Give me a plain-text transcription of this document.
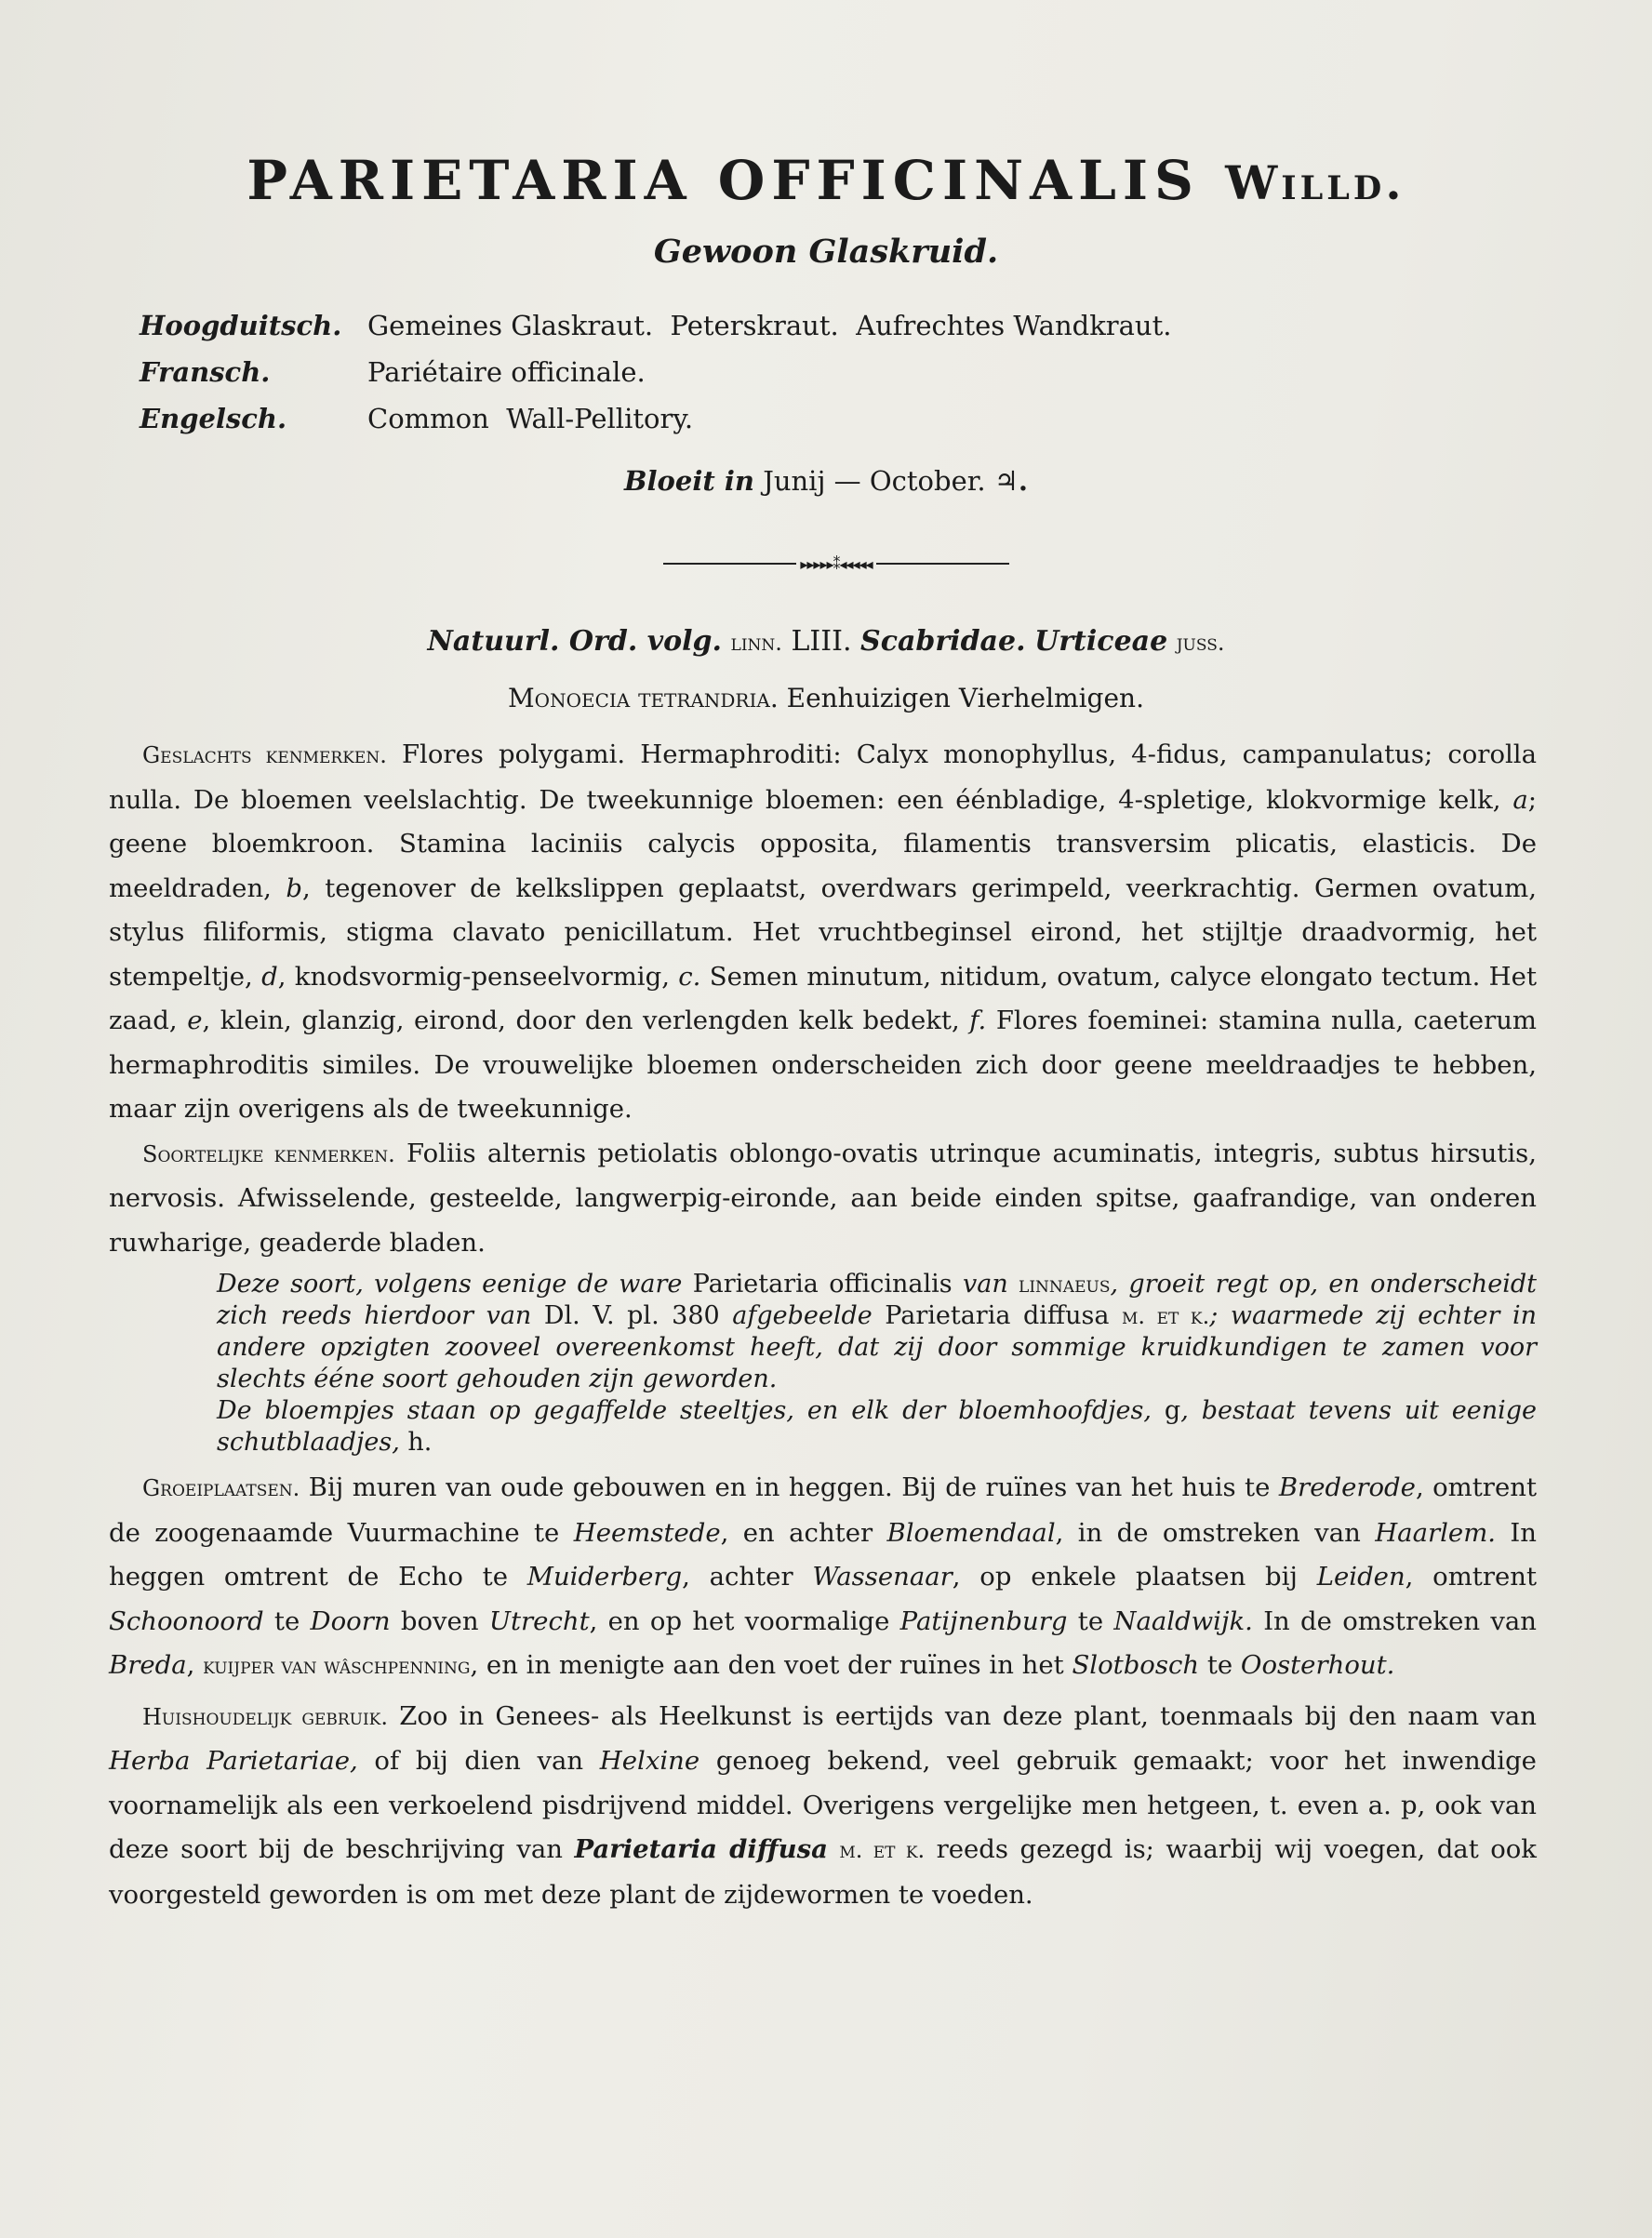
PARIETARIA OFFICINALIS Willd.
Gewoon Glaskruid.
Hoogduitsch. Gemeines Glaskraut.  Peterskraut.  Aufrechtes Wandkraut.
Fransch.	Pariétaire officinale.
Engelsch.	Common  Wall-Pellitory.
Bloeit in Junij — October. ♃.
▸▸▸▸▸⁑◂◂◂◂◂
Natuurl. Ord. volg. linn. LIII. Scabridae. Urticeae juss.
Monoecia tetrandria. Eenhuizigen Vierhelmigen.

Geslachts kenmerken. Flores polygami. Hermaphroditi: Calyx monophyllus, 4-fidus, campanulatus; corolla nulla. De bloemen veelslachtig. De tweekunnige bloemen: een éénbladige, 4-spletige, klokvormige kelk, a; geene bloemkroon. Stamina laciniis calycis opposita, filamentis transversim plicatis, elasticis. De meeldraden, b, tegenover de kelkslippen geplaatst, overdwars gerimpeld, veerkrachtig. Germen ovatum, stylus filiformis, stigma clavato penicillatum. Het vruchtbeginsel eirond, het stijltje draadvormig, het stempeltje, d, knodsvormig-penseelvormig, c. Semen minutum, nitidum, ovatum, calyce elongato tectum. Het zaad, e, klein, glanzig, eirond, door den verlengden kelk bedekt, f. Flores foeminei: stamina nulla, caeterum hermaphroditis similes. De vrouwelijke bloemen onderscheiden zich door geene meeldraadjes te hebben, maar zijn overigens als de tweekunnige.

Soortelijke kenmerken. Foliis alternis petiolatis oblongo-ovatis utrinque acuminatis, integris, subtus hirsutis, nervosis. Afwisselende, gesteelde, langwerpig-eironde, aan beide einden spitse, gaafrandige, van onderen ruwharige, geaderde bladen.

Deze soort, volgens eenige de ware Parietaria officinalis van linnaeus, groeit regt op, en onderscheidt zich reeds hierdoor van Dl. V. pl. 380 afgebeelde Parietaria diffusa m. et k.; waarmede zij echter in andere opzigten zooveel overeenkomst heeft, dat zij door sommige kruidkundigen te zamen voor slechts ééne soort gehouden zijn geworden.
De bloempjes staan op gegaffelde steeltjes, en elk der bloemhoofdjes, g, bestaat tevens uit eenige schutblaadjes, h.

Groeiplaatsen. Bij muren van oude gebouwen en in heggen. Bij de ruïnes van het huis te Brederode, omtrent de zoogenaamde Vuurmachine te Heemstede, en achter Bloemendaal, in de omstreken van Haarlem. In heggen omtrent de Echo te Muiderberg, achter Wassenaar, op enkele plaatsen bij Leiden, omtrent Schoonoord te Doorn boven Utrecht, en op het voormalige Patijnenburg te Naaldwijk. In de omstreken van Breda, kuijper van wâschpenning, en in menigte aan den voet der ruïnes in het Slotbosch te Oosterhout.

Huishoudelijk gebruik. Zoo in Genees- als Heelkunst is eertijds van deze plant, toenmaals bij den naam van Herba Parietariae, of bij dien van Helxine genoeg bekend, veel gebruik gemaakt; voor het inwendige voornamelijk als een verkoelend pisdrijvend middel. Overigens vergelijke men hetgeen, t. even a. p, ook van deze soort bij de beschrijving van Parietaria diffusa m. et k. reeds gezegd is; waarbij wij voegen, dat ook voorgesteld geworden is om met deze plant de zijdewormen te voeden.
